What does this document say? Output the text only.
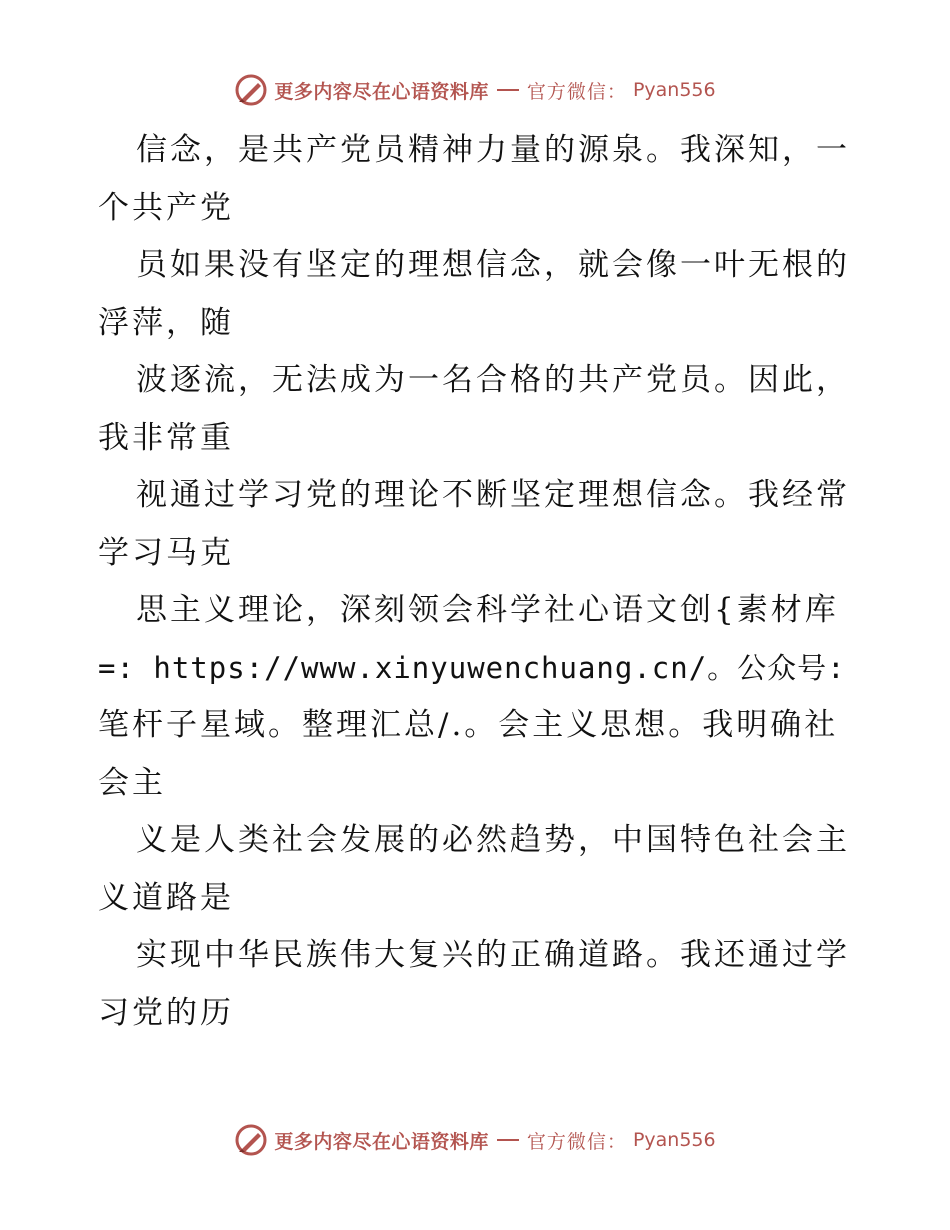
更多内容尽在心语资料库 官方微信： Pyan556
信念，是共产党员精神力量的源泉。我深知，一
个共产党
员如果没有坚定的理想信念，就会像一叶无根的
浮萍，随
波逐流，无法成为一名合格的共产党员。因此，
我非常重
视通过学习党的理论不断坚定理想信念。我经常
学习马克
思主义理论，深刻领会科学社心语文创{素材库
=: https://www.xinyuwenchuang.cn/。公众号:
笔杆子星域。整理汇总/.。会主义思想。我明确社
会主
义是人类社会发展的必然趋势，中国特色社会主
义道路是
实现中华民族伟大复兴的正确道路。我还通过学
习党的历
更多内容尽在心语资料库 官方微信： Pyan556
